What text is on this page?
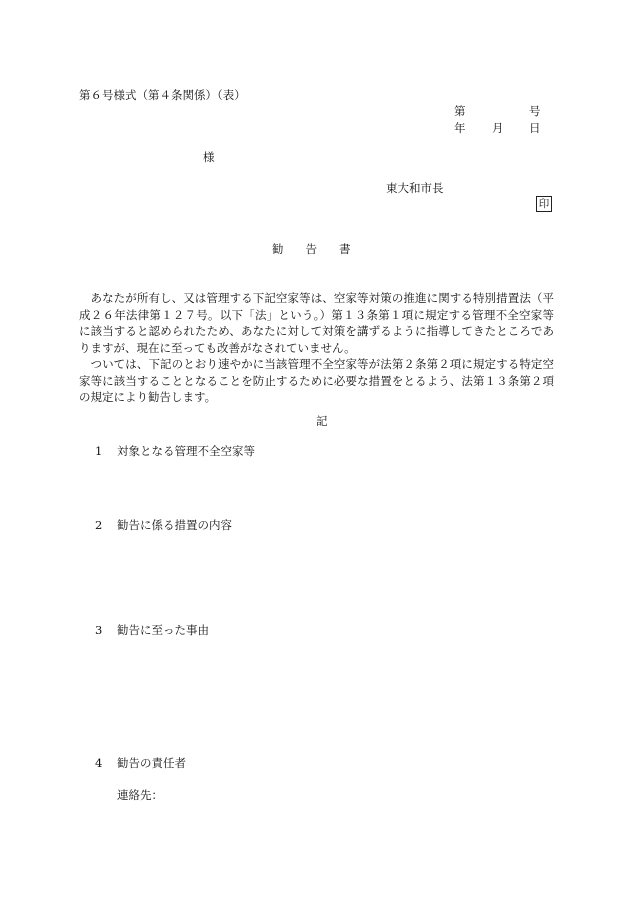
第６号様式（第４条関係）（表）
第	号
年 月 日
様
東大和市長
印
勧告書

あなたが所有し、又は管理する下記空家等は、空家等対策の推進に関する特別措置法（平成２６年法律第１２７号。以下「法」という。）第１３条第１項に規定する管理不全空家等に該当すると認められたため、あなたに対して対策を講ずるように指導してきたところでありますが、現在に至っても改善がなされていません。

ついては、下記のとおり速やかに当該管理不全空家等が法第２条第２項に規定する特定空家等に該当することとなることを防止するために必要な措置をとるよう、法第１３条第２項の規定により勧告します。

記
1 対象となる管理不全空家等
2 勧告に係る措置の内容
3 勧告に至った事由
4 勧告の責任者
連絡先：
